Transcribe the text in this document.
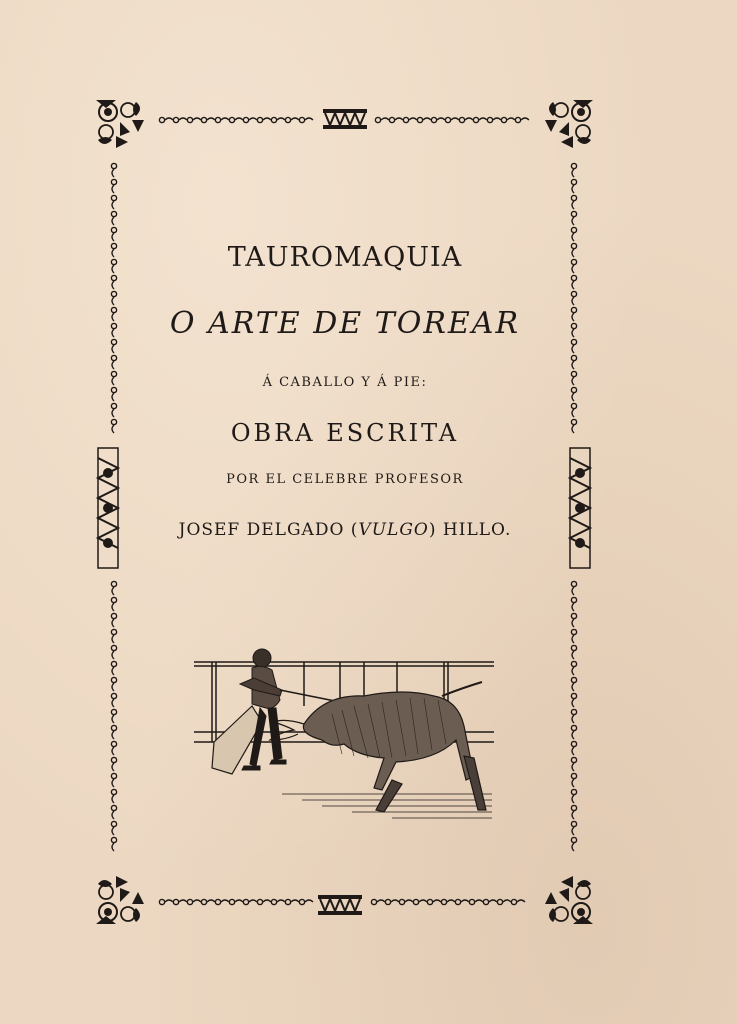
TAUROMAQUIA
O ARTE DE TOREAR
Á CABALLO Y Á PIE:
OBRA ESCRITA
POR EL CELEBRE PROFESOR
JOSEF DELGADO (VULGO) HILLO.
